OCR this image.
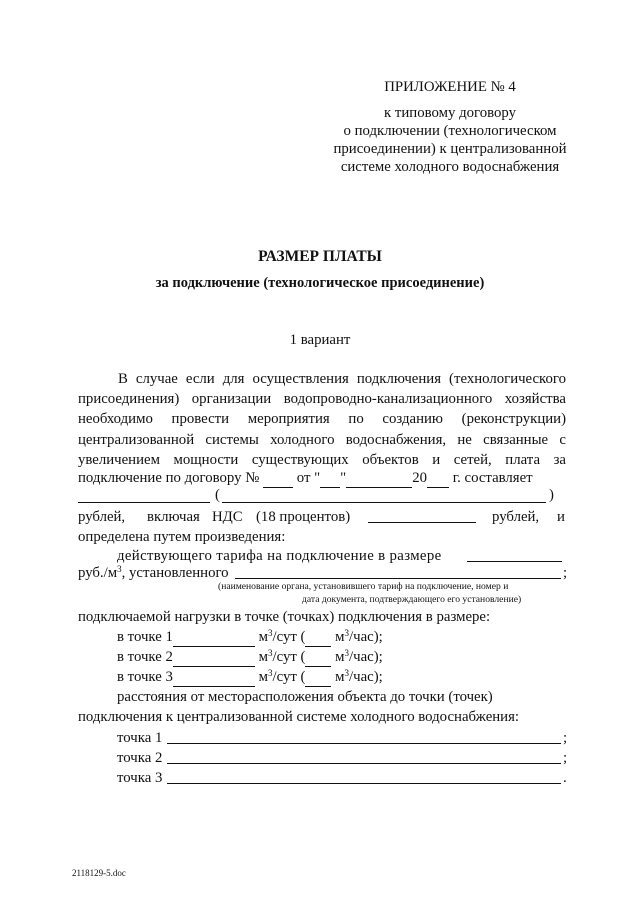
ПРИЛОЖЕНИЕ № 4
к типовому договору
о подключении (технологическом
присоединении) к централизованной
системе холодного водоснабжения
РАЗМЕР ПЛАТЫ
за подключение (технологическое присоединение)
1 вариант
В случае если для осуществления подключения (технологического
присоединения) организации водопроводно-канализационного хозяйства
необходимо провести мероприятия по созданию (реконструкции)
централизованной системы холодного водоснабжения, не связанные с
увеличением мощности существующих объектов и сетей, плата за
подключение по договору №	от " "	20 г. составляет
(	)
рублей, включая НДС (18 процентов)	рублей, и
определена путем произведения:
действующего тарифа на подключение в размере
$руб./м^3$, установленного	;
(наименование органа, установившего тариф на подключение, номер и
дата документа, подтверждающего его установление)
подключаемой нагрузки в точке (точках) подключения в размере:
в точке 1	$м^3$/сут ( $м^3/час$);
в точке 2	$м^3$/сут ( $м^3/час$);
в точке 3	$м^3$/сут ( $м^3/час$);
расстояния от месторасположения объекта до точки (точек)
подключения к централизованной системе холодного водоснабжения:
точка 1	;
точка 2	;
точка 3	.
2118129-5.doc
